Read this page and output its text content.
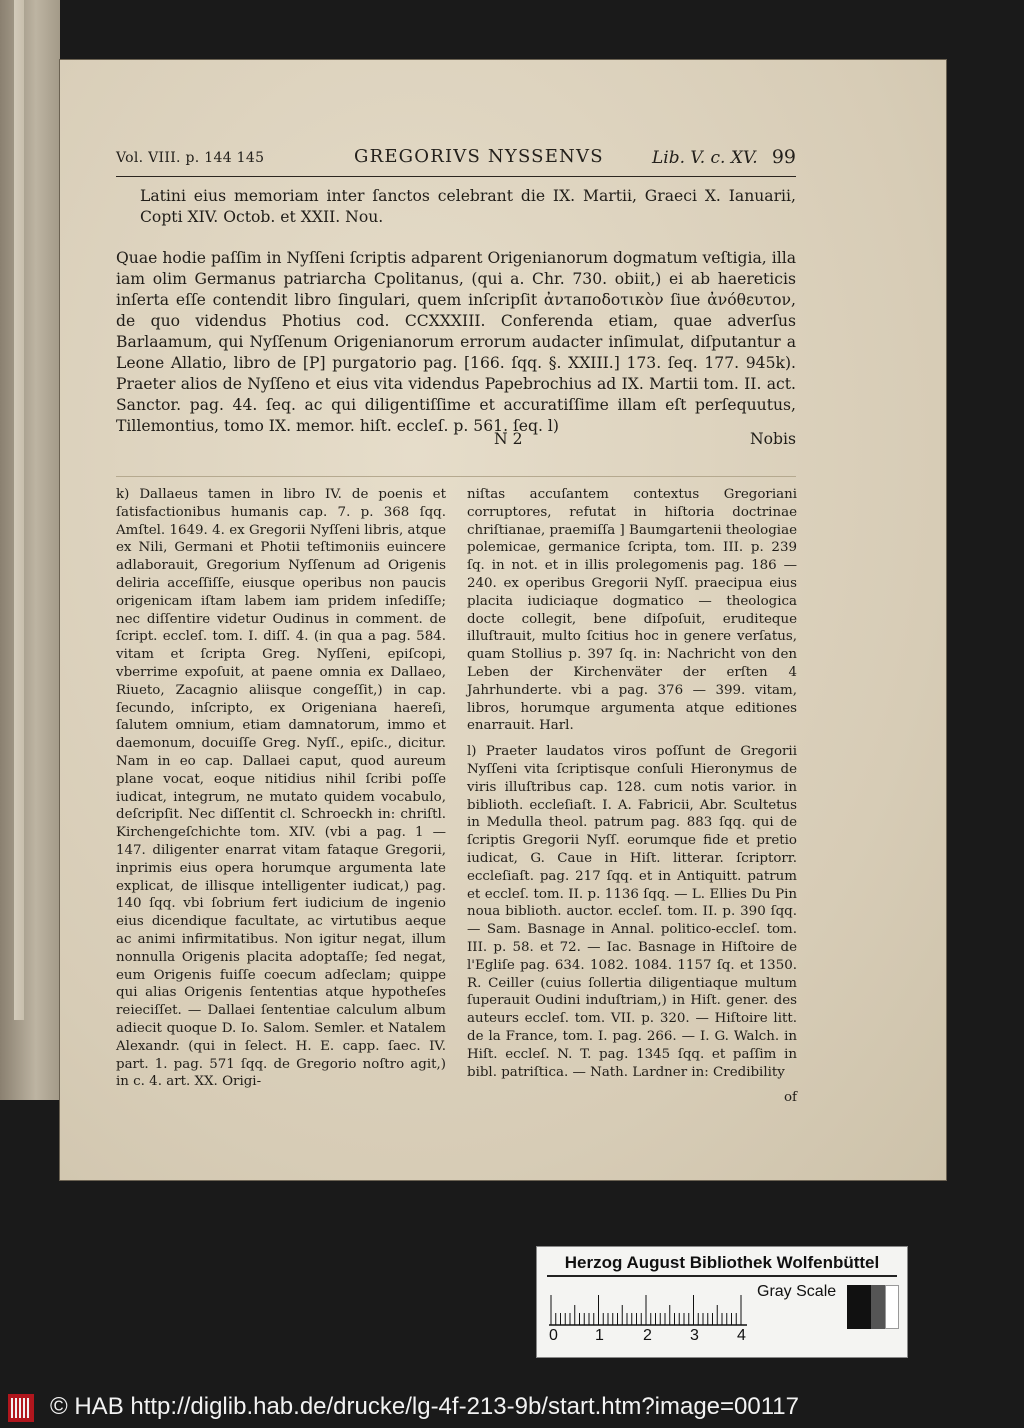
Vol. VIII. p. 144 145	GREGORIVS NYSSENVS	Lib. V. c. XV. 99
Latini eius memoriam inter ſanctos celebrant die IX. Martii, Graeci X. Ianuarii, Copti XIV. Octob. et XXII. Nou.
Quae hodie paſſim in Nyſſeni ſcriptis adparent Origenianorum dogmatum veſtigia, illa iam olim Germanus patriarcha Cpolitanus, (qui a. Chr. 730. obiit,) ei ab haereticis inſerta eſſe contendit libro ſingulari, quem inſcripſit ἀντaποδοτικὸν ſiue ἀνόθευτον, de quo videndus Photius cod. CCXXXIII. Conferenda etiam, quae adverſus Barlaamum, qui Nyſſenum Origenianorum errorum audacter inſimulat, diſputantur a Leone Allatio, libro de [P] purgatorio pag. [166. ſqq. §. XXIII.] 173. ſeq. 177. 945k). Praeter alios de Nyſſeno et eius vita videndus Papebrochius ad IX. Martii tom. II. act. Sanctor. pag. 44. ſeq. ac qui diligentiſſime et accuratiſſime illam eſt perſequutus, Tillemontius, tomo IX. memor. hiſt. eccleſ. p. 561. ſeq. l)
N 2	Nobis

k) Dallaeus tamen in libro IV. de poenis et ſatisfactionibus humanis cap. 7. p. 368 ſqq. Amſtel. 1649. 4. ex Gregorii Nyſſeni libris, atque ex Nili, Germani et Photii teſtimoniis euincere adlaborauit, Gregorium Nyſſenum ad Origenis deliria acceſſiſſe, eiusque operibus non paucis origenicam iſtam labem iam pridem inſediſſe; nec diſſentire videtur Oudinus in comment. de ſcript. eccleſ. tom. I. diſſ. 4. (in qua a pag. 584. vitam et ſcripta Greg. Nyſſeni, epiſcopi, vberrime expoſuit, at paene omnia ex Dallaeo, Riueto, Zacagnio aliisque congeſſit,) in cap. ſecundo, inſcripto, ex Origeniana haereſi, ſalutem omnium, etiam damnatorum, immo et daemonum, docuiſſe Greg. Nyſſ., epiſc., dicitur. Nam in eo cap. Dallaei caput, quod aureum plane vocat, eoque nitidius nihil ſcribi poſſe iudicat, integrum, ne mutato quidem vocabulo, deſcripſit. Nec diſſentit cl. Schroeckh in: chriſtl. Kirchengeſchichte tom. XIV. (vbi a pag. 1 — 147. diligenter enarrat vitam fataque Gregorii, inprimis eius opera horumque argumenta late explicat, de illisque intelligenter iudicat,) pag. 140 ſqq. vbi ſobrium fert iudicium de ingenio eius dicendique facultate, ac virtutibus aeque ac animi infirmitatibus. Non igitur negat, illum nonnulla Origenis placita adoptaſſe; ſed negat, eum Origenis fuiſſe coecum adſeclam; quippe qui alias Origenis ſententias atque hypotheſes reieciſſet. — Dallaei ſententiae calculum album adiecit quoque D. Io. Salom. Semler. et Natalem Alexandr. (qui in ſelect. H. E. capp. ſaec. IV. part. 1. pag. 571 ſqq. de Gregorio noſtro agit,) in c. 4. art. XX. Origi-

niſtas accuſantem contextus Gregoriani corruptores, refutat in hiſtoria doctrinae chriſtianae, praemiſſa ] Baumgartenii theologiae polemicae, germanice ſcripta, tom. III. p. 239 ſq. in not. et in illis prolegomenis pag. 186 — 240. ex operibus Gregorii Nyſſ. praecipua eius placita iudiciaque dogmatico — theologica docte collegit, bene diſpoſuit, eruditeque illuſtrauit, multo ſcitius hoc in genere verſatus, quam Stollius p. 397 ſq. in: Nachricht von den Leben der Kirchenväter der erſten 4 Jahrhunderte. vbi a pag. 376 — 399. vitam, libros, horumque argumenta atque editiones enarrauit. Harl.

l) Praeter laudatos viros poſſunt de Gregorii Nyſſeni vita ſcriptisque conſuli Hieronymus de viris illuſtribus cap. 128. cum notis varior. in biblioth. eccleſiaſt. I. A. Fabricii, Abr. Scultetus in Medulla theol. patrum pag. 883 ſqq. qui de ſcriptis Gregorii Nyſſ. eorumque fide et pretio iudicat, G. Caue in Hiſt. litterar. ſcriptorr. eccleſiaſt. pag. 217 ſqq. et in Antiquitt. patrum et eccleſ. tom. II. p. 1136 ſqq. — L. Ellies Du Pin noua biblioth. auctor. eccleſ. tom. II. p. 390 ſqq. — Sam. Basnage in Annal. politico-eccleſ. tom. III. p. 58. et 72. — Iac. Basnage in Hiſtoire de l'Egliſe pag. 634. 1082. 1084. 1157 ſq. et 1350. R. Ceiller (cuius ſollertia diligentiaque multum ſuperauit Oudini induſtriam,) in Hiſt. gener. des auteurs eccleſ. tom. VII. p. 320. — Hiſtoire litt. de la France, tom. I. pag. 266. — I. G. Walch. in Hiſt. eccleſ. N. T. pag. 1345 ſqq. et paſſim in bibl. patriſtica. — Nath. Lardner in: Credibility

of

Herzog August Bibliothek Wolfenbüttel
0 1 2 3 4
Gray Scale
© HAB http://diglib.hab.de/drucke/lg-4f-213-9b/start.htm?image=00117
